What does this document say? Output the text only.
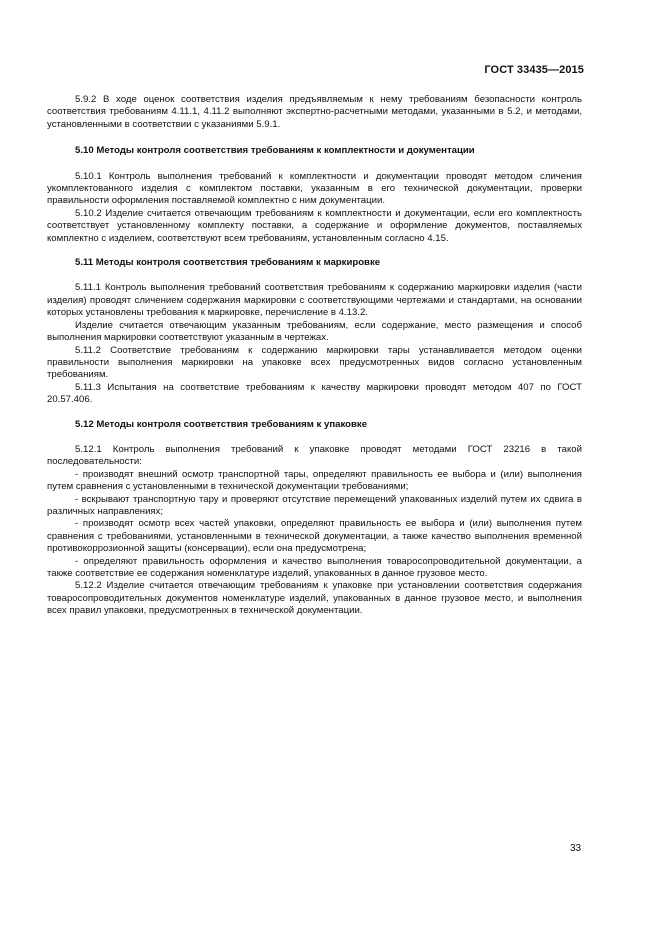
ГОСТ 33435—2015

5.9.2 В ходе оценок соответствия изделия предъявляемым к нему требованиям безопасности контроль соответствия требованиям 4.11.1, 4.11.2 выполняют экспертно-расчетными методами, указанными в 5.2, и методами, установленными в соответствии с указаниями 5.9.1.

5.10 Методы контроля соответствия требованиям к комплектности и документации

5.10.1 Контроль выполнения требований к комплектности и документации проводят методом сличения укомплектованного изделия с комплектом поставки, указанным в его технической документации, проверки правильности оформления поставляемой комплектно с ним документации.

5.10.2 Изделие считается отвечающим требованиям к комплектности и документации, если его комплектность соответствует установленному комплекту поставки, а содержание и оформление документов, поставляемых комплектно с изделием, соответствуют всем требованиям, установленным согласно 4.15.

5.11 Методы контроля соответствия требованиям к маркировке

5.11.1 Контроль выполнения требований соответствия требованиям к содержанию маркировки изделия (части изделия) проводят сличением содержания маркировки с соответствующими чертежами и стандартами, на основании которых установлены требования к маркировке, перечисление в 4.13.2.

Изделие считается отвечающим указанным требованиям, если содержание, место размещения и способ выполнения маркировки соответствуют указанным в чертежах.

5.11.2 Соответствие требованиям к содержанию маркировки тары устанавливается методом оценки правильности выполнения маркировки на упаковке всех предусмотренных видов согласно установленным требованиям.

5.11.3 Испытания на соответствие требованиям к качеству маркировки проводят методом 407 по ГОСТ 20.57.406.

5.12 Методы контроля соответствия требованиям к упаковке

5.12.1 Контроль выполнения требований к упаковке проводят методами ГОСТ 23216 в такой последовательности:

- производят внешний осмотр транспортной тары, определяют правильность ее выбора и (или) выполнения путем сравнения с установленными в технической документации требованиями;

- вскрывают транспортную тару и проверяют отсутствие перемещений упакованных изделий путем их сдвига в различных направлениях;

- производят осмотр всех частей упаковки, определяют правильность ее выбора и (или) выполнения путем сравнения с требованиями, установленными в технической документации, а также качество выполнения временной противокоррозионной защиты (консервации), если она предусмотрена;

- определяют правильность оформления и качество выполнения товаросопроводительной документации, а также соответствие ее содержания номенклатуре изделий, упакованных в данное грузовое место.

5.12.2 Изделие считается отвечающим требованиям к упаковке при установлении соответствия содержания товаросопроводительных документов номенклатуре изделий, упакованных в данное грузовое место, и выполнения всех правил упаковки, предусмотренных в технической документации.

33
